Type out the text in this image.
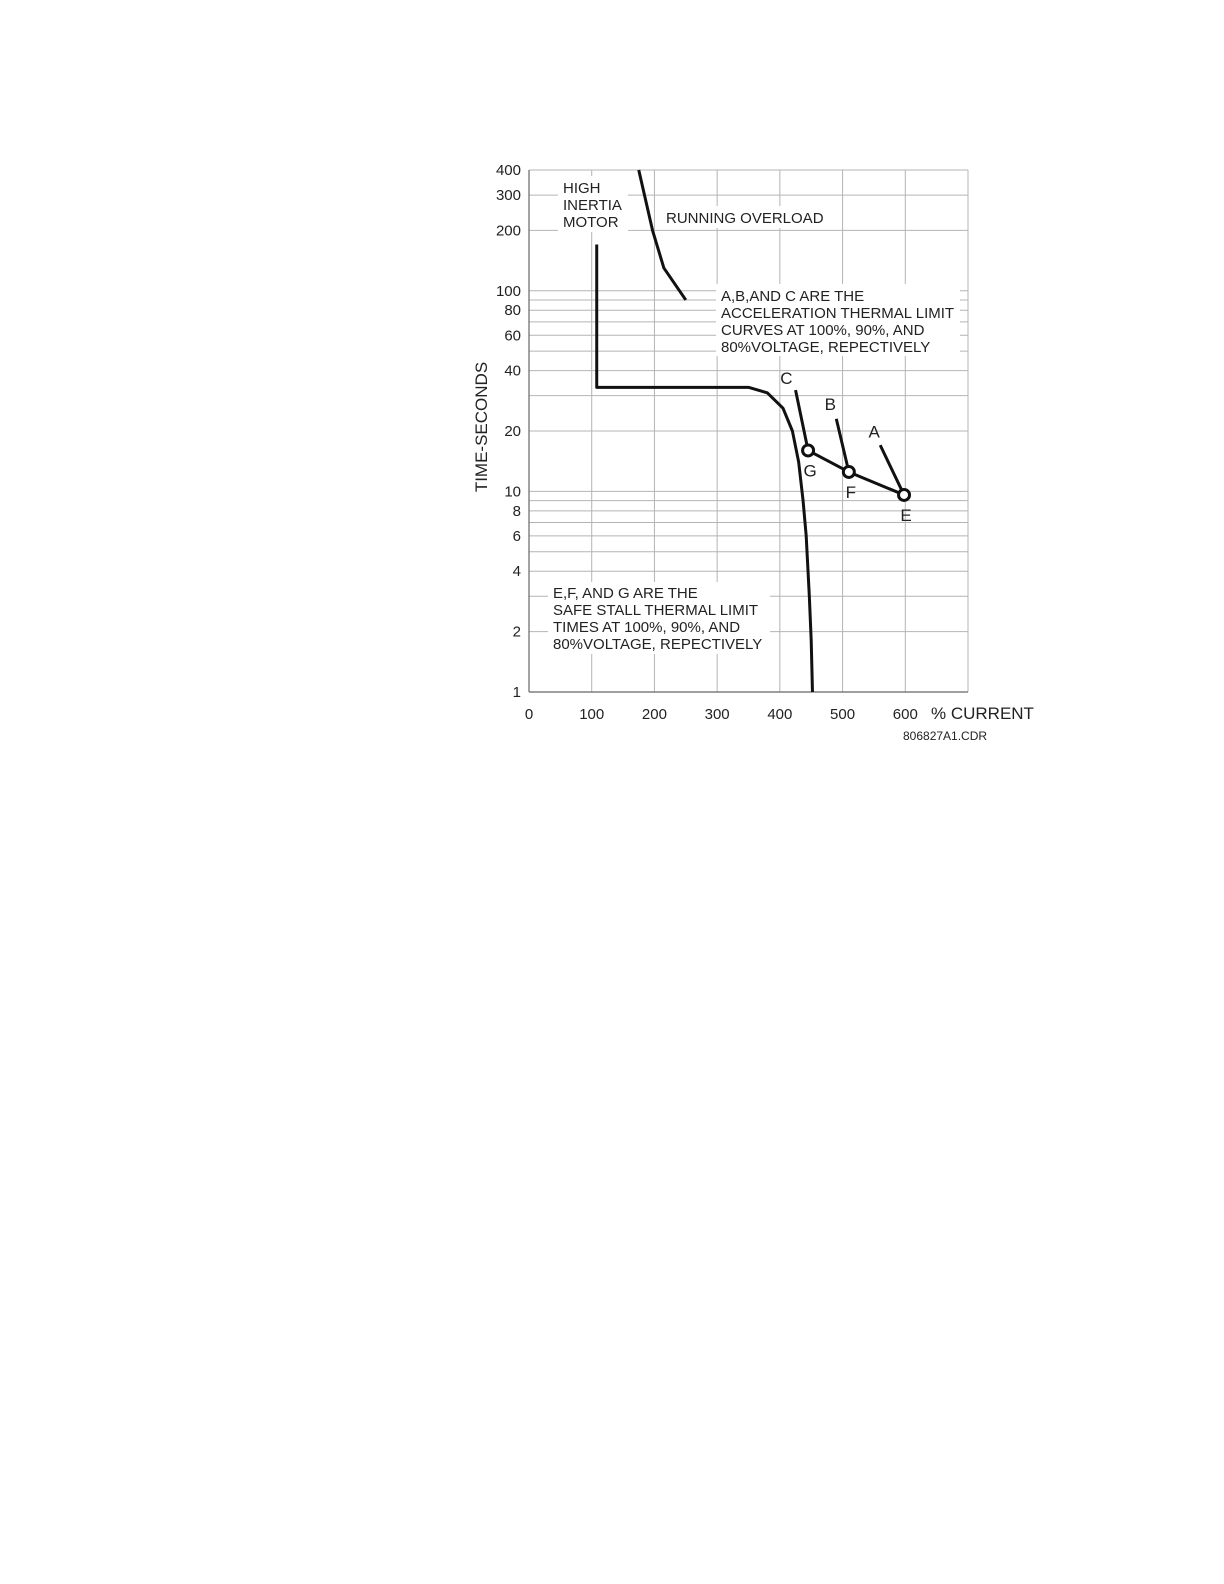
G
F
E
C
B
A
0	100	200	300	400	500	600
1
2
4
6
8
10
20
40
60
80
100
200
300
400
HIGH
INERTIA
MOTOR	RUNNING OVERLOAD
A,B,AND C ARE THE
ACCELERATION THERMAL LIMIT
CURVES AT 100%, 90%, AND
80%VOLTAGE, REPECTIVELY
E,F, AND G ARE THE
SAFE STALL THERMAL LIMIT
TIMES AT 100%, 90%, AND
80%VOLTAGE, REPECTIVELY
TIME-SECONDS
% CURRENT
806827A1.CDR
